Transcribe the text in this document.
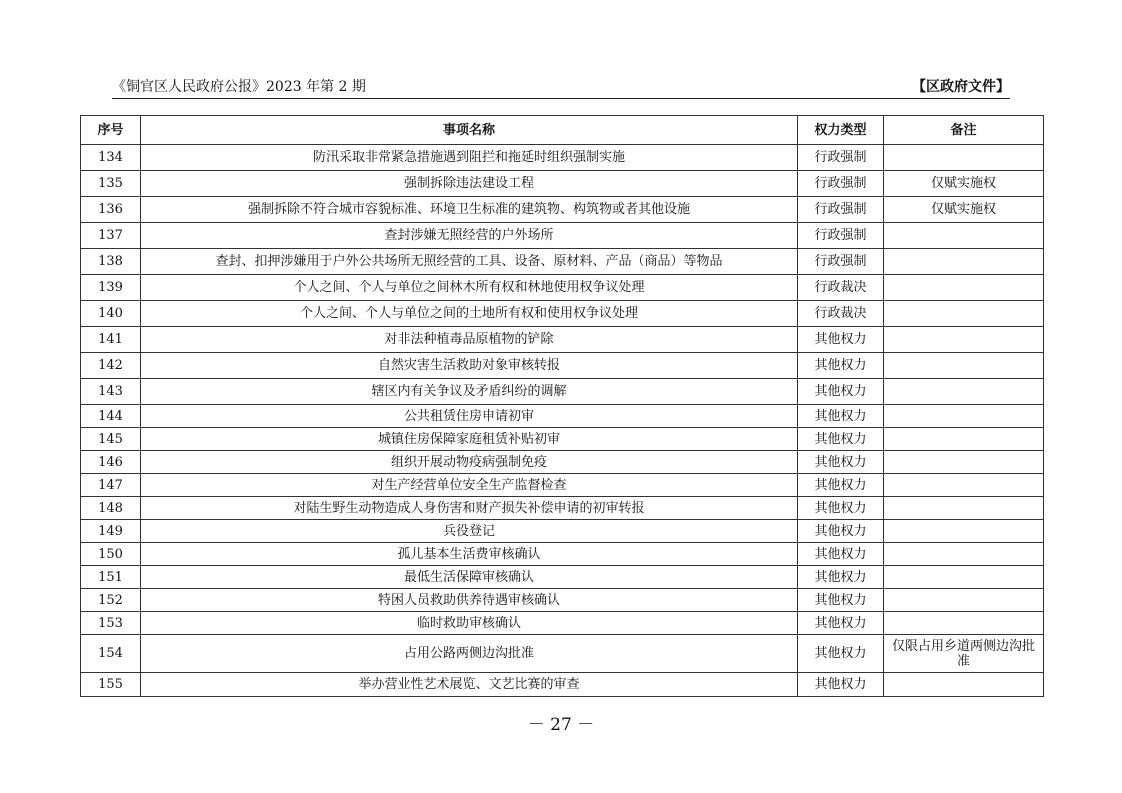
《铜官区人民政府公报》2023 年第 2 期	【区政府文件】
序号	事项名称	权力类型	备注
134	防汛采取非常紧急措施遇到阻拦和拖延时组织强制实施	行政强制	
135	强制拆除违法建设工程	行政强制	仅赋实施权
136	强制拆除不符合城市容貌标准、环境卫生标准的建筑物、构筑物或者其他设施	行政强制	仅赋实施权
137	查封涉嫌无照经营的户外场所	行政强制	
138	查封、扣押涉嫌用于户外公共场所无照经营的工具、设备、原材料、产品（商品）等物品	行政强制	
139	个人之间、个人与单位之间林木所有权和林地使用权争议处理	行政裁决	
140	个人之间、个人与单位之间的土地所有权和使用权争议处理	行政裁决	
141	对非法种植毒品原植物的铲除	其他权力	
142	自然灾害生活救助对象审核转报	其他权力	
143	辖区内有关争议及矛盾纠纷的调解	其他权力	
144	公共租赁住房申请初审	其他权力	
145	城镇住房保障家庭租赁补贴初审	其他权力	
146	组织开展动物疫病强制免疫	其他权力	
147	对生产经营单位安全生产监督检查	其他权力	
148	对陆生野生动物造成人身伤害和财产损失补偿申请的初审转报	其他权力	
149	兵役登记	其他权力	
150	孤儿基本生活费审核确认	其他权力	
151	最低生活保障审核确认	其他权力	
152	特困人员救助供养待遇审核确认	其他权力	
153	临时救助审核确认	其他权力	
154	占用公路两侧边沟批准	其他权力	仅限占用乡道两侧边沟批准
155	举办营业性艺术展览、文艺比赛的审查	其他权力	
－ 27 －
